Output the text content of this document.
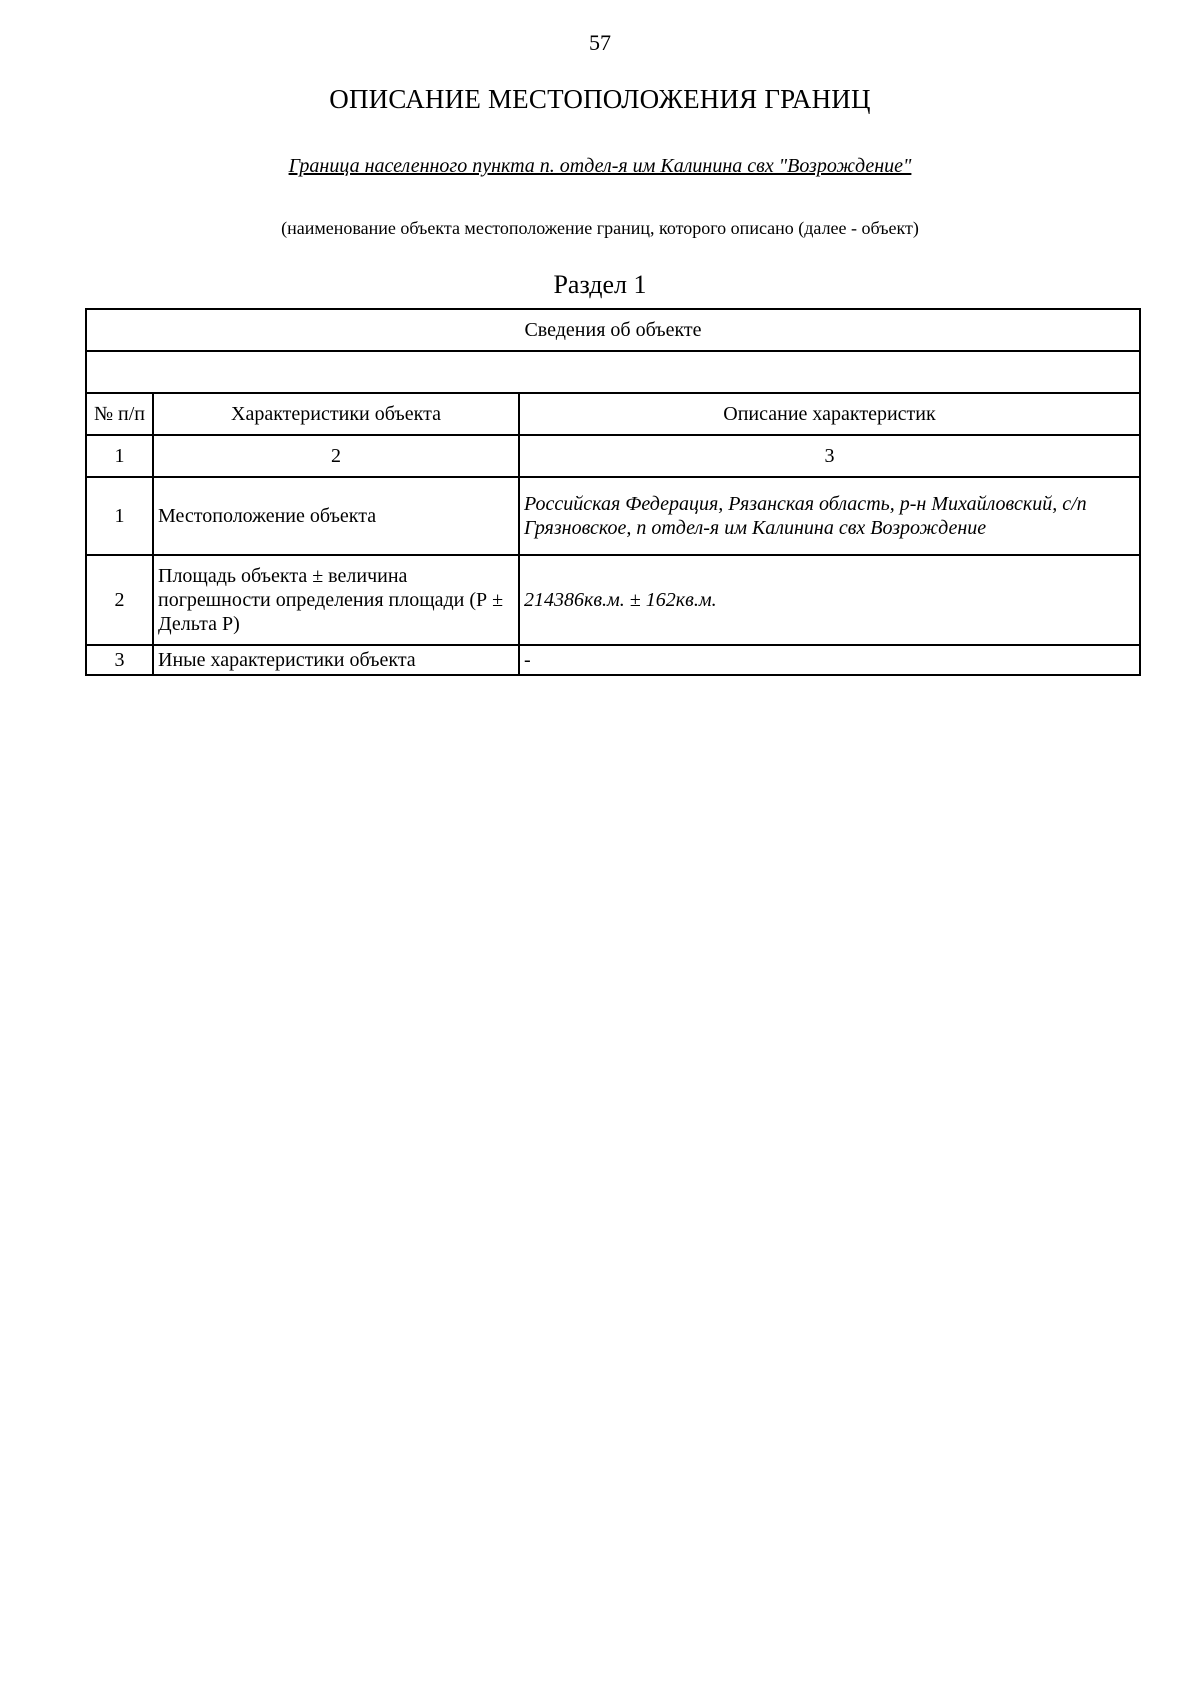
57
ОПИСАНИЕ МЕСТОПОЛОЖЕНИЯ ГРАНИЦ
Граница населенного пункта п. отдел-я им Калинина свх "Возрождение"
(наименование объекта местоположение границ, которого описано (далее - объект)
Раздел 1
Сведения об объекте		

№ п/п	Характеристики объекта	Описание характеристик
1	2	3
1	Местоположение объекта	Российская Федерация, Рязанская область, р-н Михайловский, с/п Грязновское, п отдел-я им Калинина свх Возрождение
2	Площадь объекта ± величина погрешности определения площади (Р ± Дельта Р)	214386кв.м. ± 162кв.м.
3	Иные характеристики объекта	-
